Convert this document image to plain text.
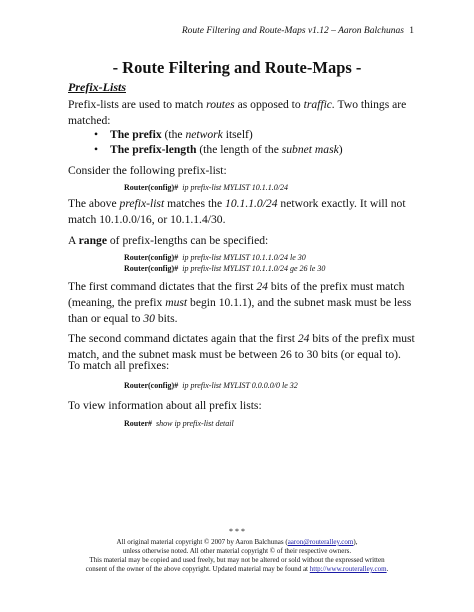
Route Filtering and Route-Maps v1.12 – Aaron Balchunas 1
- Route Filtering and Route-Maps -
Prefix-Lists
Prefix-lists are used to match routes as opposed to traffic. Two things are matched:
• The prefix (the network itself)
• The prefix-length (the length of the subnet mask)
Consider the following prefix-list:
Router(config)# ip prefix-list MYLIST 10.1.1.0/24
The above prefix-list matches the 10.1.1.0/24 network exactly. It will not match 10.1.0.0/16, or 10.1.1.4/30.
A range of prefix-lengths can be specified:
Router(config)# ip prefix-list MYLIST 10.1.1.0/24 le 30
Router(config)# ip prefix-list MYLIST 10.1.1.0/24 ge 26 le 30
The first command dictates that the first 24 bits of the prefix must match (meaning, the prefix must begin 10.1.1), and the subnet mask must be less than or equal to 30 bits.
The second command dictates again that the first 24 bits of the prefix must match, and the subnet mask must be between 26 to 30 bits (or equal to).
To match all prefixes:
Router(config)# ip prefix-list MYLIST 0.0.0.0/0 le 32
To view information about all prefix lists:
Router# show ip prefix-list detail
* * *
All original material copyright © 2007 by Aaron Balchunas (aaron@routeralley.com),
unless otherwise noted. All other material copyright © of their respective owners.
This material may be copied and used freely, but may not be altered or sold without the expressed written
consent of the owner of the above copyright. Updated material may be found at http://www.routeralley.com.
